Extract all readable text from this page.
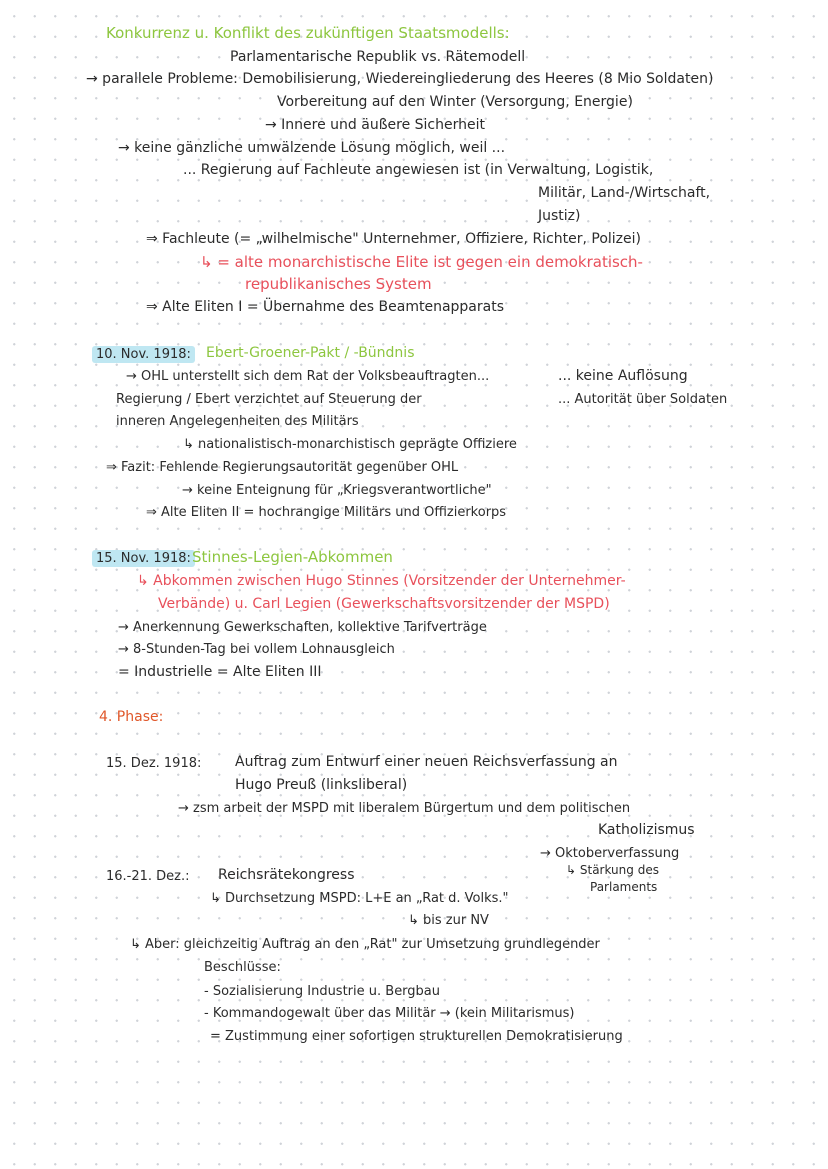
Konkurrenz u. Konflikt des zukünftigen Staatsmodells:
Parlamentarische Republik vs. Rätemodell
→ parallele Probleme: Demobilisierung, Wiedereingliederung des Heeres (8 Mio Soldaten)
Vorbereitung auf den Winter (Versorgung, Energie)
→ Innere und äußere Sicherheit
→ keine gänzliche umwälzende Lösung möglich, weil ...
... Regierung auf Fachleute angewiesen ist (in Verwaltung, Logistik,
Militär, Land-/Wirtschaft,
Justiz)
⇒ Fachleute (= „wilhelmische" Unternehmer, Offiziere, Richter, Polizei)
↳ = alte monarchistische Elite ist gegen ein demokratisch-
republikanisches System
⇒ Alte Eliten I = Übernahme des Beamtenapparats
10. Nov. 1918: Ebert-Groener-Pakt / -Bündnis
→ OHL unterstellt sich dem Rat der Volksbeauftragten...	... keine Auflösung
Regierung / Ebert verzichtet auf Steuerung der	... Autorität über Soldaten
inneren Angelegenheiten des Militärs
↳ nationalistisch-monarchistisch geprägte Offiziere
⇒ Fazit: Fehlende Regierungsautorität gegenüber OHL
→ keine Enteignung für „Kriegsverantwortliche"
⇒ Alte Eliten II = hochrangige Militärs und Offizierkorps
15. Nov. 1918: Stinnes-Legien-Abkommen
↳ Abkommen zwischen Hugo Stinnes (Vorsitzender der Unternehmer-
Verbände) u. Carl Legien (Gewerkschaftsvorsitzender der MSPD)
→ Anerkennung Gewerkschaften, kollektive Tarifverträge
→ 8-Stunden-Tag bei vollem Lohnausgleich
= Industrielle = Alte Eliten III
4. Phase:
15. Dez. 1918: Auftrag zum Entwurf einer neuen Reichsverfassung an
Hugo Preuß (linksliberal)
→ zsm arbeit der MSPD mit liberalem Bürgertum und dem politischen
Katholizismus
→ Oktoberverfassung
↳ Stärkung des
Parlaments
16.-21. Dez.: Reichsrätekongress
↳ Durchsetzung MSPD: L+E an „Rat d. Volks."
↳ bis zur NV
↳ Aber: gleichzeitig Auftrag an den „Rat" zur Umsetzung grundlegender
Beschlüsse:
- Sozialisierung Industrie u. Bergbau
- Kommandogewalt über das Militär → (kein Militarismus)
= Zustimmung einer sofortigen strukturellen Demokratisierung
